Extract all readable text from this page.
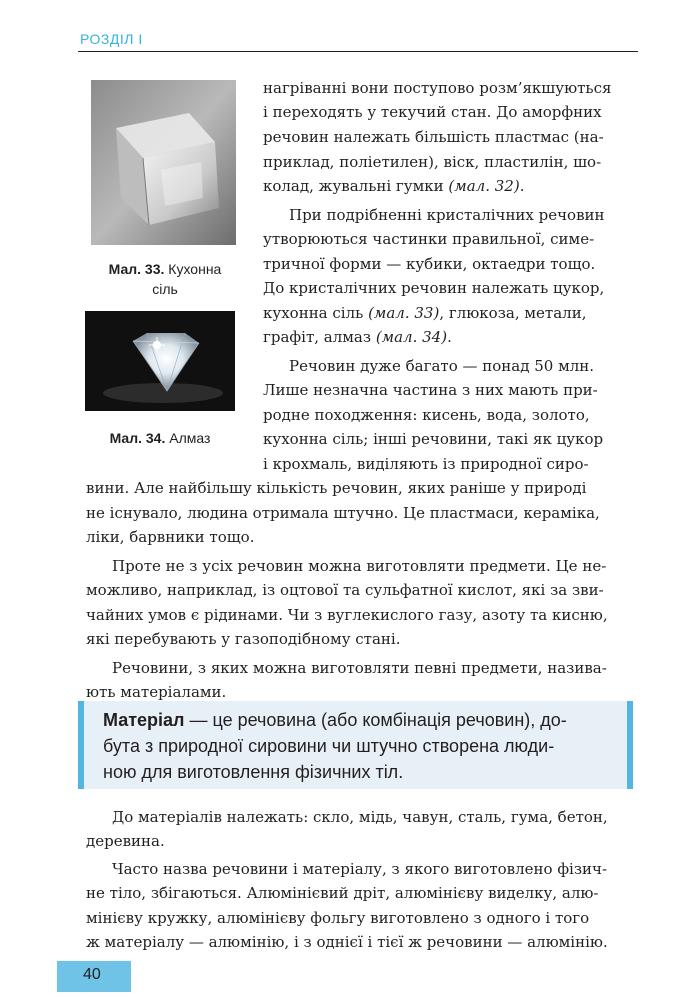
РОЗДІЛ І
Мал. 33. Кухонна
сіль
Мал. 34. Алмаз
нагріванні вони поступово розм’якшуються
і переходять у текучий стан. До аморфних
речовин належать більшість пластмас (на-
приклад, поліетилен), віск, пластилін, шо-
колад, жувальні гумки (мал. 32).
При подрібненні кристалічних речовин
утворюються частинки правильної, симе-
тричної форми — кубики, октаедри тощо.
До кристалічних речовин належать цукор,
кухонна сіль (мал. 33), глюкоза, метали,
графіт, алмаз (мал. 34).
Речовин дуже багато — понад 50 млн.
Лише незначна частина з них мають при-
родне походження: кисень, вода, золото,
кухонна сіль; інші речовини, такі як цукор
і крохмаль, виділяють із природної сиро-
вини. Але найбільшу кількість речовин, яких раніше у природі
не існувало, людина отримала штучно. Це пластмаси, кераміка,
ліки, барвники тощо.
Проте не з усіх речовин можна виготовляти предмети. Це не-
можливо, наприклад, із оцтової та сульфатної кислот, які за зви-
чайних умов є рідинами. Чи з вуглекислого газу, азоту та кисню,
які перебувають у газоподібному стані.
Речовини, з яких можна виготовляти певні предмети, назива-
ють матеріалами.
Матеріал — це речовина (або комбінація речовин), до-
бута з природної сировини чи штучно створена люди-
ною для виготовлення фізичних тіл.
До матеріалів належать: скло, мідь, чавун, сталь, гума, бетон,
деревина.
Часто назва речовини і матеріалу, з якого виготовлено фізич-
не тіло, збігаються. Алюмінієвий дріт, алюмінієву виделку, алю-
мінієву кружку, алюмінієву фольгу виготовлено з одного і того
ж матеріалу — алюмінію, і з однієї і тієї ж речовини — алюмінію.
40
